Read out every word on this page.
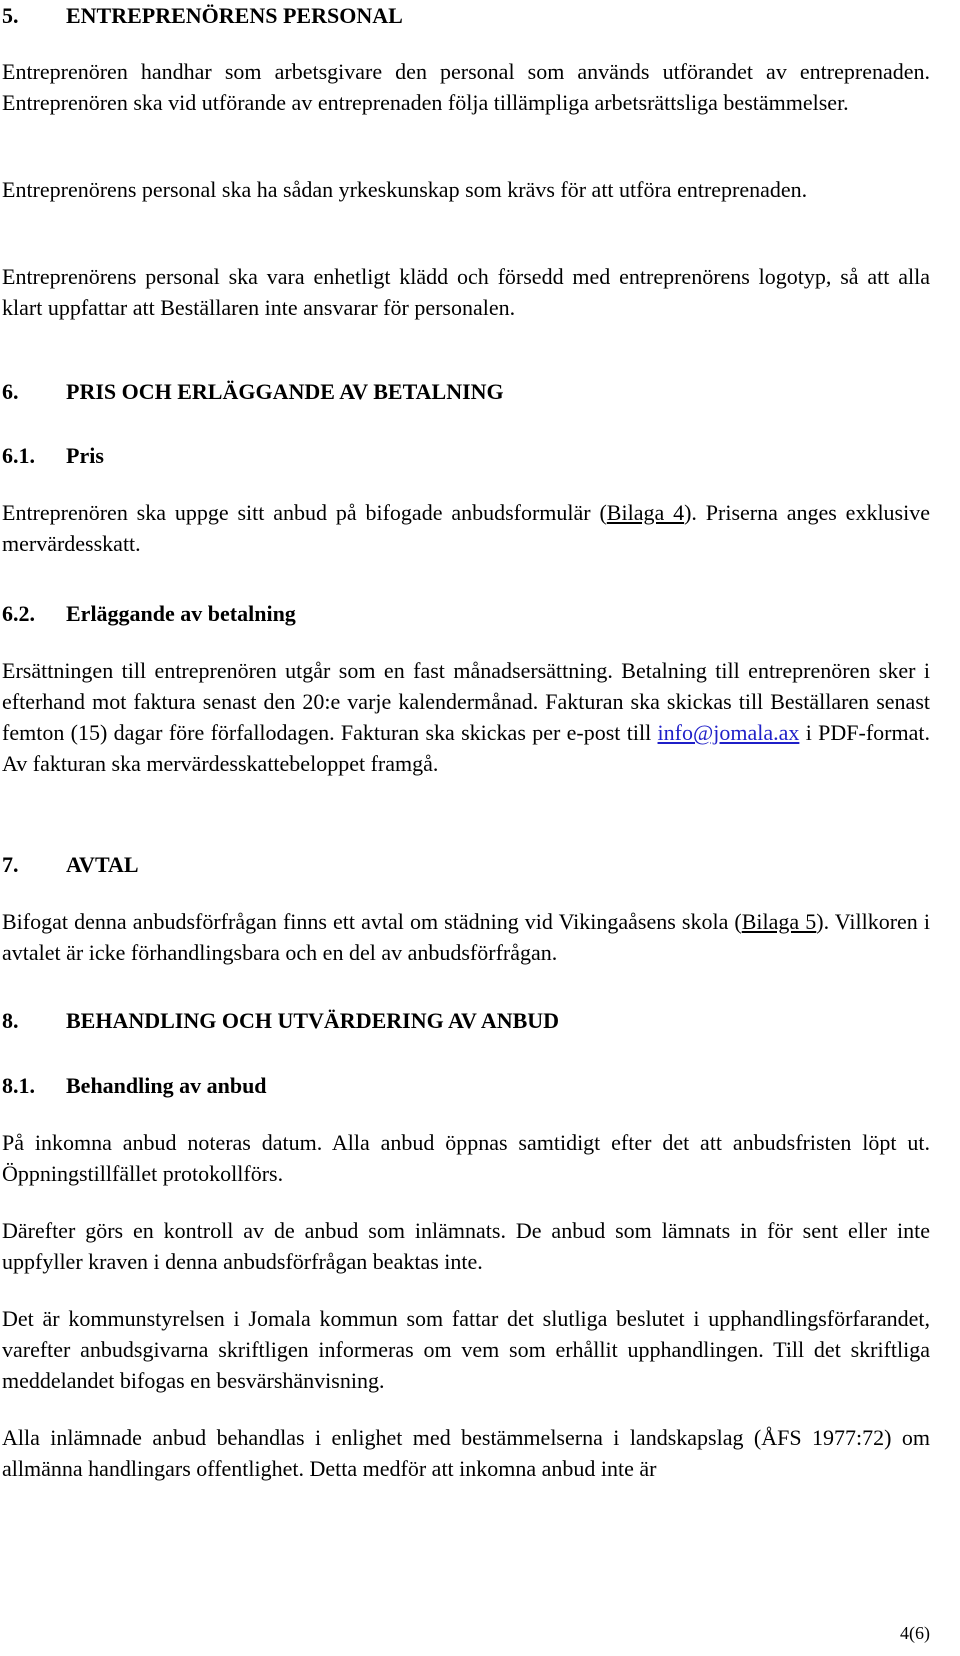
5.	ENTREPRENÖRENS PERSONAL

Entreprenören handhar som arbetsgivare den personal som används utförandet av entreprenaden. Entreprenören ska vid utförande av entreprenaden följa tillämpliga arbetsrättsliga bestämmelser.

Entreprenörens personal ska ha sådan yrkeskunskap som krävs för att utföra entreprenaden.

Entreprenörens personal ska vara enhetligt klädd och försedd med entreprenörens logotyp, så att alla klart uppfattar att Beställaren inte ansvarar för personalen.

6.	PRIS OCH ERLÄGGANDE AV BETALNING
6.1.	Pris

Entreprenören ska uppge sitt anbud på bifogade anbudsformulär (Bilaga 4). Priserna anges exklusive mervärdesskatt.

6.2.	Erläggande av betalning

Ersättningen till entreprenören utgår som en fast månadsersättning. Betalning till entreprenören sker i efterhand mot faktura senast den 20:e varje kalendermånad. Fakturan ska skickas till Beställaren senast femton (15) dagar före förfallodagen. Fakturan ska skickas per e-post till info@jomala.ax i PDF-format. Av fakturan ska mervärdesskattebeloppet framgå.

7.	AVTAL

Bifogat denna anbudsförfrågan finns ett avtal om städning vid Vikingaåsens skola (Bilaga 5). Villkoren i avtalet är icke förhandlingsbara och en del av anbudsförfrågan.

8.	BEHANDLING OCH UTVÄRDERING AV ANBUD
8.1.	Behandling av anbud

På inkomna anbud noteras datum. Alla anbud öppnas samtidigt efter det att anbudsfristen löpt ut. Öppningstillfället protokollförs.

Därefter görs en kontroll av de anbud som inlämnats. De anbud som lämnats in för sent eller inte uppfyller kraven i denna anbudsförfrågan beaktas inte.

Det är kommunstyrelsen i Jomala kommun som fattar det slutliga beslutet i upphandlingsförfarandet, varefter anbudsgivarna skriftligen informeras om vem som erhållit upphandlingen. Till det skriftliga meddelandet bifogas en besvärshänvisning.

Alla inlämnade anbud behandlas i enlighet med bestämmelserna i landskapslag (ÅFS 1977:72) om allmänna handlingars offentlighet. Detta medför att inkomna anbud inte är

4(6)
